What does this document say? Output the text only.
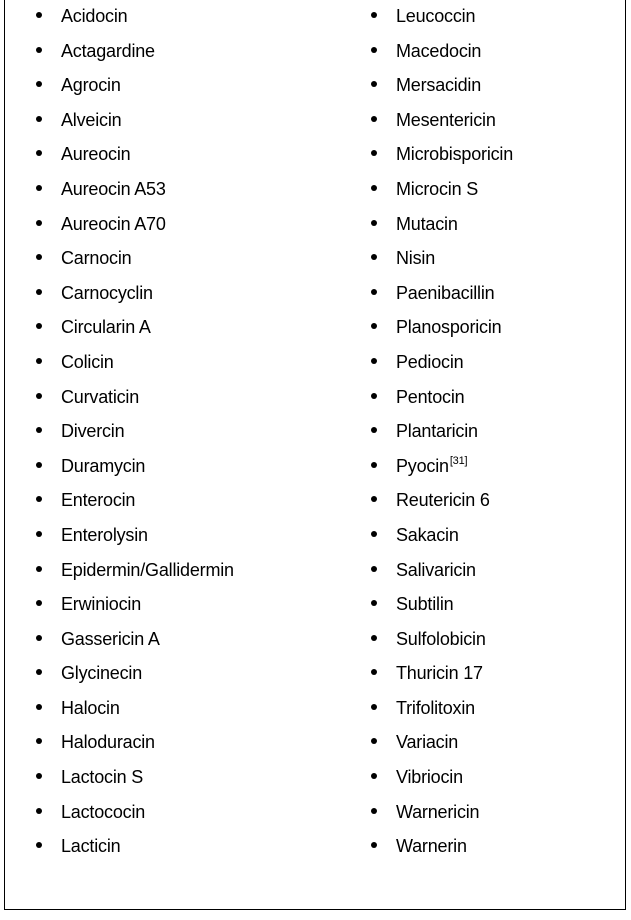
Acidocin
Actagardine
Agrocin
Alveicin
Aureocin
Aureocin A53
Aureocin A70
Carnocin
Carnocyclin
Circularin A
Colicin
Curvaticin
Divercin
Duramycin
Enterocin
Enterolysin
Epidermin/Gallidermin
Erwiniocin
Gassericin A
Glycinecin
Halocin
Haloduracin
Lactocin S
Lactococin
Lacticin
Leucoccin
Macedocin
Mersacidin
Mesentericin
Microbisporicin
Microcin S
Mutacin
Nisin
Paenibacillin
Planosporicin
Pediocin
Pentocin
Plantaricin
Pyocin[31]
Reutericin 6
Sakacin
Salivaricin
Subtilin
Sulfolobicin
Thuricin 17
Trifolitoxin
Variacin
Vibriocin
Warnericin
Warnerin
